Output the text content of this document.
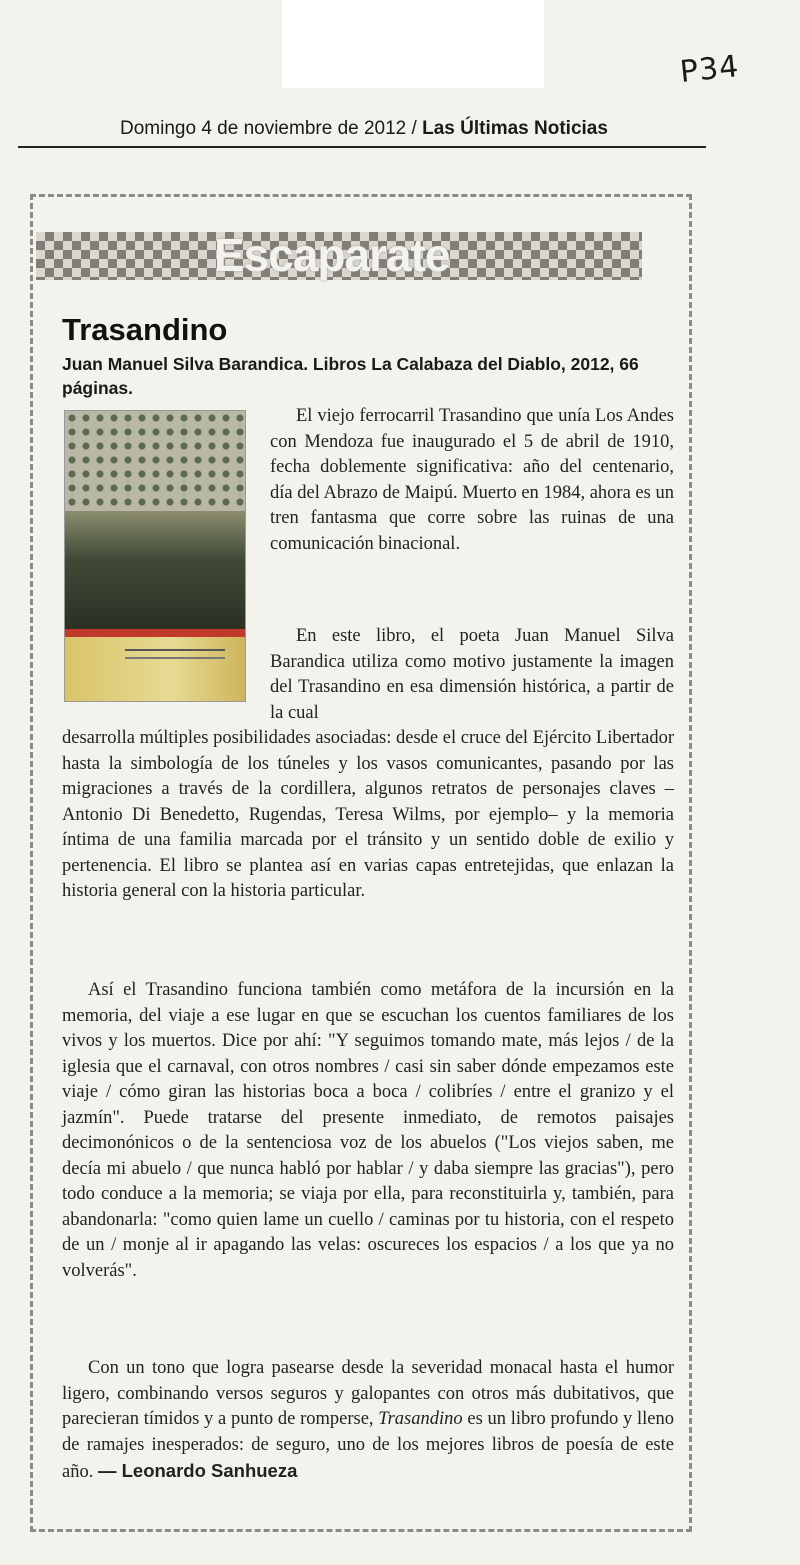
P34
Domingo 4 de noviembre de 2012 / Las Últimas Noticias
Escaparate
Trasandino
Juan Manuel Silva Barandica. Libros La Calabaza del Diablo, 2012, 66 páginas.

El viejo ferrocarril Trasandino que unía Los Andes con Mendoza fue inaugurado el 5 de abril de 1910, fecha doblemente significativa: año del centenario, día del Abrazo de Maipú. Muerto en 1984, ahora es un tren fantasma que corre sobre las ruinas de una comunicación binacional.

En este libro, el poeta Juan Manuel Silva Barandica utiliza como motivo justamente la imagen del Trasandino en esa dimensión histórica, a partir de la cual

desarrolla múltiples posibilidades asociadas: desde el cruce del Ejército Libertador hasta la simbología de los túneles y los vasos comunicantes, pasando por las migraciones a través de la cordillera, algunos retratos de personajes claves –Antonio Di Benedetto, Rugendas, Teresa Wilms, por ejemplo– y la memoria íntima de una familia marcada por el tránsito y un sentido doble de exilio y pertenencia. El libro se plantea así en varias capas entretejidas, que enlazan la historia general con la historia particular.

Así el Trasandino funciona también como metáfora de la incursión en la memoria, del viaje a ese lugar en que se escuchan los cuentos familiares de los vivos y los muertos. Dice por ahí: "Y seguimos tomando mate, más lejos / de la iglesia que el carnaval, con otros nombres / casi sin saber dónde empezamos este viaje / cómo giran las historias boca a boca / colibríes / entre el granizo y el jazmín". Puede tratarse del presente inmediato, de remotos paisajes decimonónicos o de la sentenciosa voz de los abuelos ("Los viejos saben, me decía mi abuelo / que nunca habló por hablar / y daba siempre las gracias"), pero todo conduce a la memoria; se viaja por ella, para reconstituirla y, también, para abandonarla: "como quien lame un cuello / caminas por tu historia, con el respeto de un / monje al ir apagando las velas: oscureces los espacios / a los que ya no volverás".

Con un tono que logra pasearse desde la severidad monacal hasta el humor ligero, combinando versos seguros y galopantes con otros más dubitativos, que parecieran tímidos y a punto de romperse, Trasandino es un libro profundo y lleno de ramajes inesperados: de seguro, uno de los mejores libros de poesía de este año. — Leonardo Sanhueza
